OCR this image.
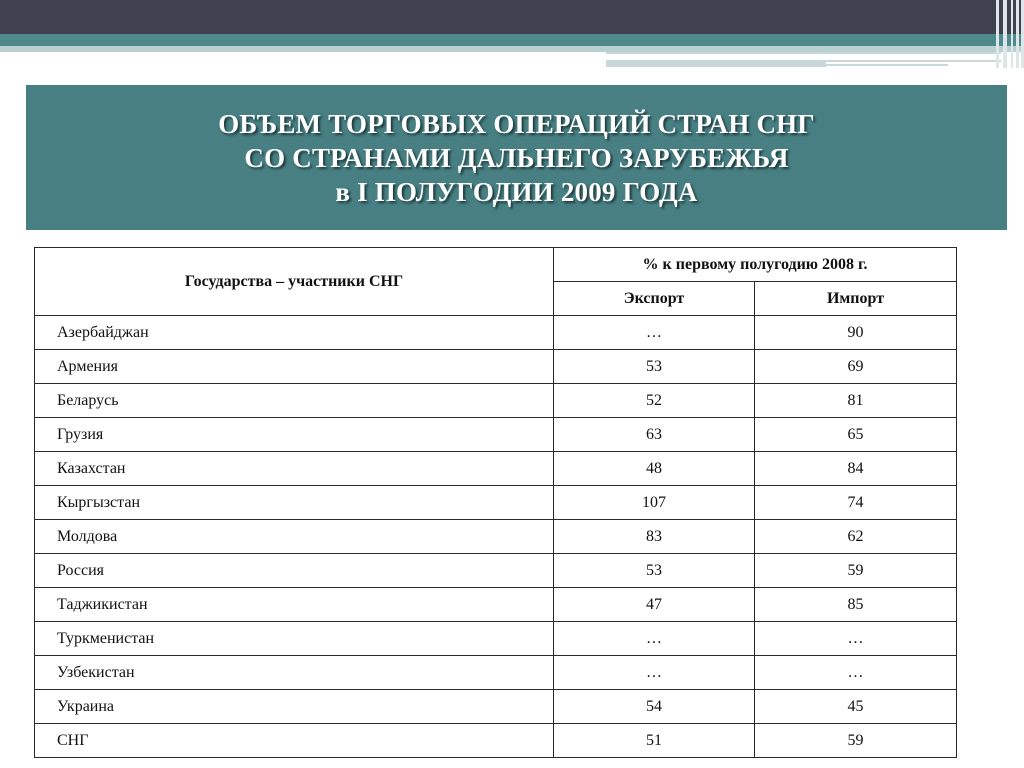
ОБЪЕМ ТОРГОВЫХ ОПЕРАЦИЙ СТРАН СНГ
СО СТРАНАМИ ДАЛЬНЕГО ЗАРУБЕЖЬЯ
в I ПОЛУГОДИИ 2009 ГОДА
Государства – участники СНГ	% к первому полугодию 2008 г.	
	Экспорт	Импорт
Азербайджан	…	90
Армения	53	69
Беларусь	52	81
Грузия	63	65
Казахстан	48	84
Кыргызстан	107	74
Молдова	83	62
Россия	53	59
Таджикистан	47	85
Туркменистан	…	…
Узбекистан	…	…
Украина	54	45
СНГ	51	59
